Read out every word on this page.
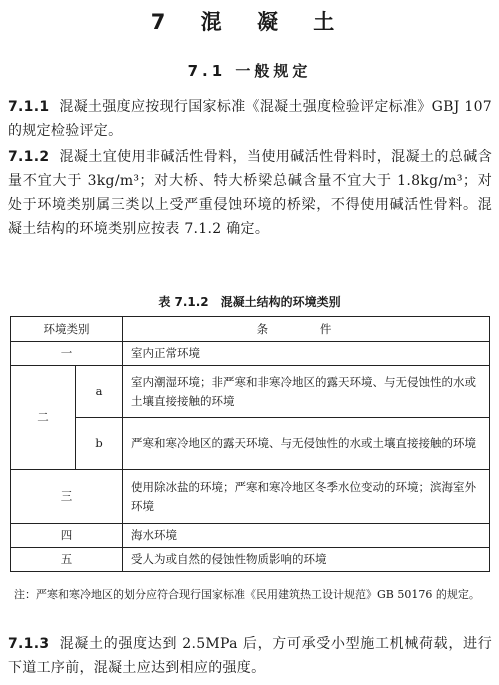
7 混 凝 土
7.1 一般规定
7.1.1 混凝土强度应按现行国家标准《混凝土强度检验评定标准》GBJ 107 的规定检验评定。
7.1.2 混凝土宜使用非碱活性骨料，当使用碱活性骨料时，混凝土的总碱含量不宜大于 3kg/m³；对大桥、特大桥梁总碱含量不宜大于 1.8kg/m³；对处于环境类别属三类以上受严重侵蚀环境的桥梁，不得使用碱活性骨料。混凝土结构的环境类别应按表 7.1.2 确定。
表 7.1.2 混凝土结构的环境类别
环境类别		条 件
一		室内正常环境
二	a	室内潮湿环境；非严寒和非寒冷地区的露天环境、与无侵蚀性的水或土壤直接接触的环境
	b	严寒和寒冷地区的露天环境、与无侵蚀性的水或土壤直接接触的环境
三		使用除冰盐的环境；严寒和寒冷地区冬季水位变动的环境；滨海室外环境
四		海水环境
五		受人为或自然的侵蚀性物质影响的环境
注：严寒和寒冷地区的划分应符合现行国家标准《民用建筑热工设计规范》GB 50176 的规定。
7.1.3 混凝土的强度达到 2.5MPa 后，方可承受小型施工机械荷载，进行下道工序前，混凝土应达到相应的强度。
